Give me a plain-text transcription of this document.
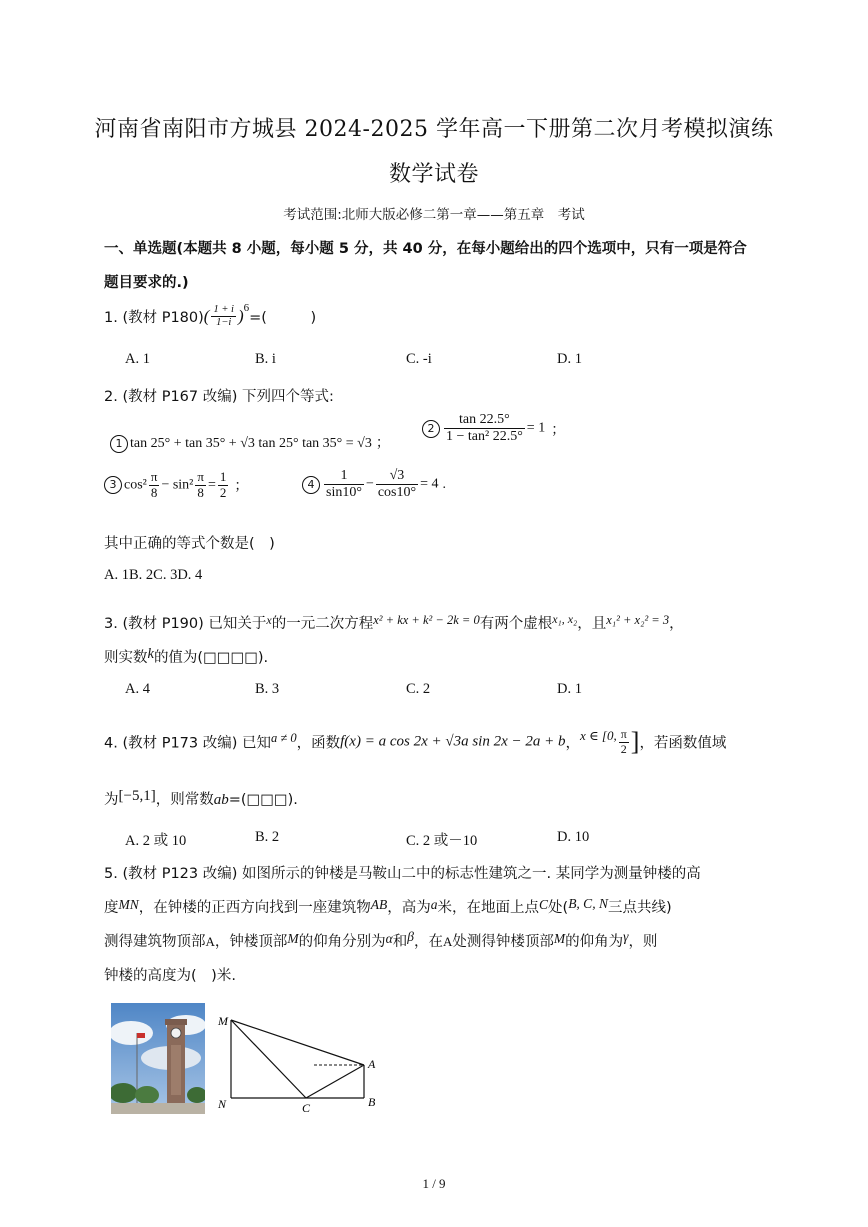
河南省南阳市方城县 2024-2025 学年高一下册第二次月考模拟演练
数学试卷
考试范围:北师大版必修二第一章——第五章　考试
一、单选题(本题共 8 小题，每小题 5 分，共 40 分，在每小题给出的四个选项中，只有一项是符合
题目要求的.)
1. (教材 $P180)( \frac{1 + i}{1-i} )^6=$(　　　)
A. 1	B. i	C. -i	D. 1
2. (教材 P167 改编) 下列四个等式:
1 tan 25° + tan 35° + √3 tan 25° tan 35° = √3 ；
$2 \frac{\tan 22.5^\circ}{\text{1 − tan² 22.5°}} = 1$ ；
3 $\cos^2 \frac{\pi}{8} - \sin^2 \frac{\pi}{8} = \frac{1}{2}$ ；	$4 \frac{1}{\sin 10^\circ} - \frac{√3}{\cos 10^\circ} = 4$ .
其中正确的等式个数是(　)
A. 1B. 2C. 3D. 4
3. (教材 P190) 已知关于$^x$的一元二次方程x² + kx + k² − 2k = 0有两个虚根$^{x_1, x_2}$，且x₁² + x₂² = 3，
则实数k的值为(□□□□).
A. 4	B. 3	C. 2	D. 1
4. (教材 P173 改编) 已知a ≠ 0，函数f(x) = a cos 2x + √3a sin 2x − 2a + b，x ∈ [0, $\frac{\pi}{2}$ ]，若函数值域
为[−5,1]，则常数ab=(□□□).
A. 2 或 10	B. 2	C. 2 或－10	D. 10
5. (教材 P123 改编) 如图所示的钟楼是马鞍山二中的标志性建筑之一. 某同学为测量钟楼的高
度MN，在钟楼的正西方向找到一座建筑物AB，高为a米，在地面上点C处(B, C, N三点共线)
测得建筑物顶部A，钟楼顶部M的仰角分别为α和β，在A处测得钟楼顶部M的仰角为γ，则
钟楼的高度为(　)米.
M
N	C
A
B
1 / 9
